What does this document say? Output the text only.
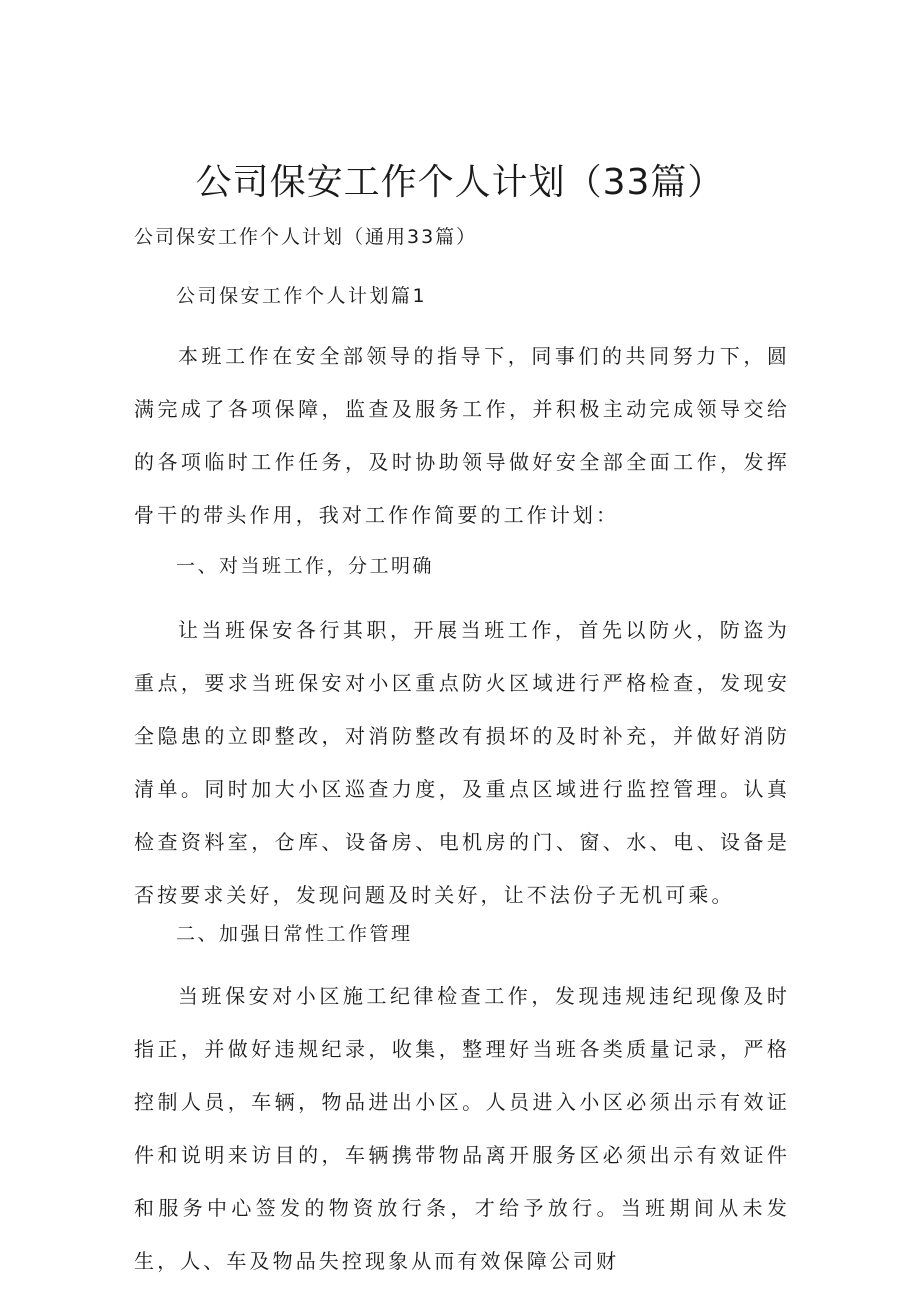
公司保安工作个人计划（33篇）

公司保安工作个人计划（通用33篇）

公司保安工作个人计划篇1

本班工作在安全部领导的指导下，同事们的共同努力下，圆满完成了各项保障，监查及服务工作，并积极主动完成领导交给的各项临时工作任务，及时协助领导做好安全部全面工作，发挥骨干的带头作用，我对工作作简要的工作计划：

一、对当班工作，分工明确

让当班保安各行其职，开展当班工作，首先以防火，防盗为重点，要求当班保安对小区重点防火区域进行严格检查，发现安全隐患的立即整改，对消防整改有损坏的及时补充，并做好消防清单。同时加大小区巡查力度，及重点区域进行监控管理。认真检查资料室，仓库、设备房、电机房的门、窗、水、电、设备是否按要求关好，发现问题及时关好，让不法份子无机可乘。

二、加强日常性工作管理

当班保安对小区施工纪律检查工作，发现违规违纪现像及时指正，并做好违规纪录，收集，整理好当班各类质量记录，严格控制人员，车辆，物品进出小区。人员进入小区必须出示有效证件和说明来访目的，车辆携带物品离开服务区必须出示有效证件和服务中心签发的物资放行条，才给予放行。当班期间从未发生，人、车及物品失控现象从而有效保障公司财
